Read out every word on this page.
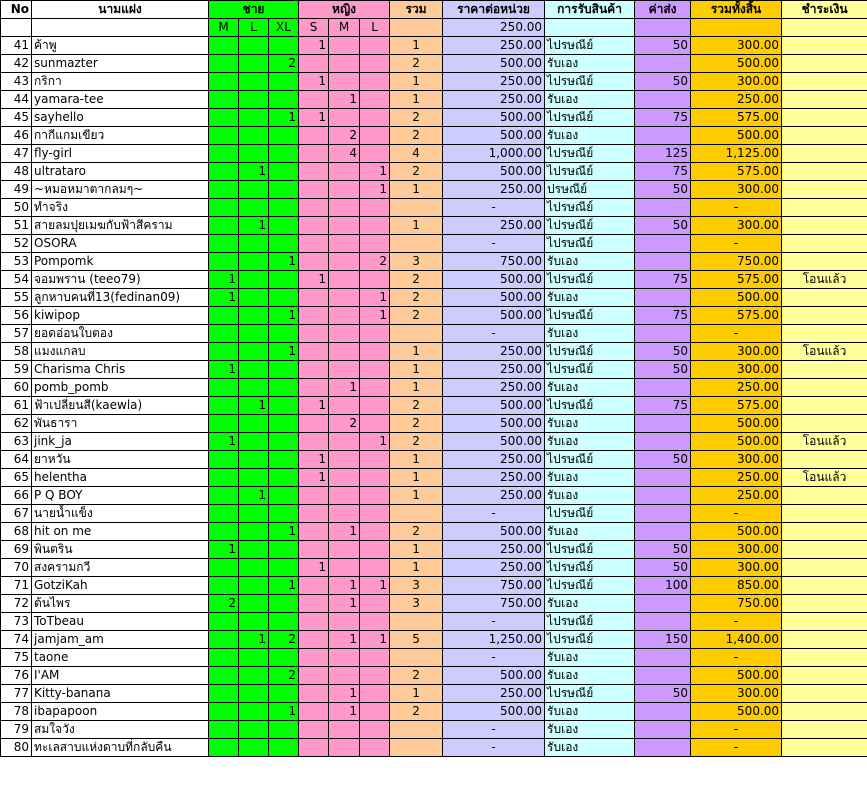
No	นามแฝง	ชาย			หญิง			รวม	ราคาต่อหน่วย	การรับสินค้า	ค่าส่ง	รวมทั้งสิ้น	ชำระเงิน
		M	L	XL	S	M	L		250.00				
41	ค้าพู				1			1	250.00	ไปรษณีย์	50	300.00	
42	sunmazter			2				2	500.00	รับเอง		500.00	
43	กริกา				1			1	250.00	ไปรษณีย์	50	300.00	
44	yamara-tee					1		1	250.00	รับเอง		250.00	
45	sayhello			1	1			2	500.00	ไปรษณีย์	75	575.00	
46	กากีแกมเขียว					2		2	500.00	รับเอง		500.00	
47	fly-girl					4		4	1,000.00	ไปรษณีย์	125	1,125.00	
48	ultrataro		1				1	2	500.00	ไปรษณีย์	75	575.00	
49	~หมอหมาตากลมๆ~						1	1	250.00	ปรษณีย์	50	300.00	
50	ทำจริง								-	ไปรษณีย์		-	
51	สายลมปุยเมฆกับฟ้าสีคราม		1					1	250.00	ไปรษณีย์	50	300.00	
52	OSORA								-	ไปรษณีย์		-	
53	Pompomk			1			2	3	750.00	รับเอง		750.00	
54	จอมพราน (teeo79)	1			1			2	500.00	ไปรษณีย์	75	575.00	โอนแล้ว
55	ลูกหาบคนที่13(fedinan09)	1					1	2	500.00	รับเอง		500.00	
56	kiwipop			1			1	2	500.00	ไปรษณีย์	75	575.00	
57	ยอดอ่อนใบตอง								-	รับเอง		-	
58	แมงแกลบ			1				1	250.00	ไปรษณีย์	50	300.00	โอนแล้ว
59	Charisma Chris	1						1	250.00	ไปรษณีย์	50	300.00	
60	pomb_pomb					1		1	250.00	รับเอง		250.00	
61	ฟ้าเปลี่ยนสี(kaewla)		1		1			2	500.00	ไปรษณีย์	75	575.00	
62	พันธารา					2		2	500.00	รับเอง		500.00	
63	jink_ja	1					1	2	500.00	รับเอง		500.00	โอนแล้ว
64	ยาหวัน				1			1	250.00	ไปรษณีย์	50	300.00	
65	helentha				1			1	250.00	รับเอง		250.00	โอนแล้ว
66	P Q BOY		1					1	250.00	รับเอง		250.00	
67	นายน้ำแข็ง								-	ไปรษณีย์		-	
68	hit on me			1		1		2	500.00	รับเอง		500.00	
69	พินตริน	1						1	250.00	ไปรษณีย์	50	300.00	
70	สงครามกวี				1			1	250.00	ไปรษณีย์	50	300.00	
71	GotziKah			1		1	1	3	750.00	ไปรษณีย์	100	850.00	
72	ต้นไพร	2				1		3	750.00	รับเอง		750.00	
73	ToTbeau								-	ไปรษณีย์		-	
74	jamjam_am		1	2		1	1	5	1,250.00	ไปรษณีย์	150	1,400.00	
75	taone								-	รับเอง		-	
76	I'AM			2				2	500.00	รับเอง		500.00	
77	Kitty-banana					1		1	250.00	ไปรษณีย์	50	300.00	
78	ibapapoon			1		1		2	500.00	รับเอง		500.00	
79	สมใจวัง								-	รับเอง		-	
80	ทะเลสาบแห่งดาบที่กลับคืน								-	รับเอง		-	
